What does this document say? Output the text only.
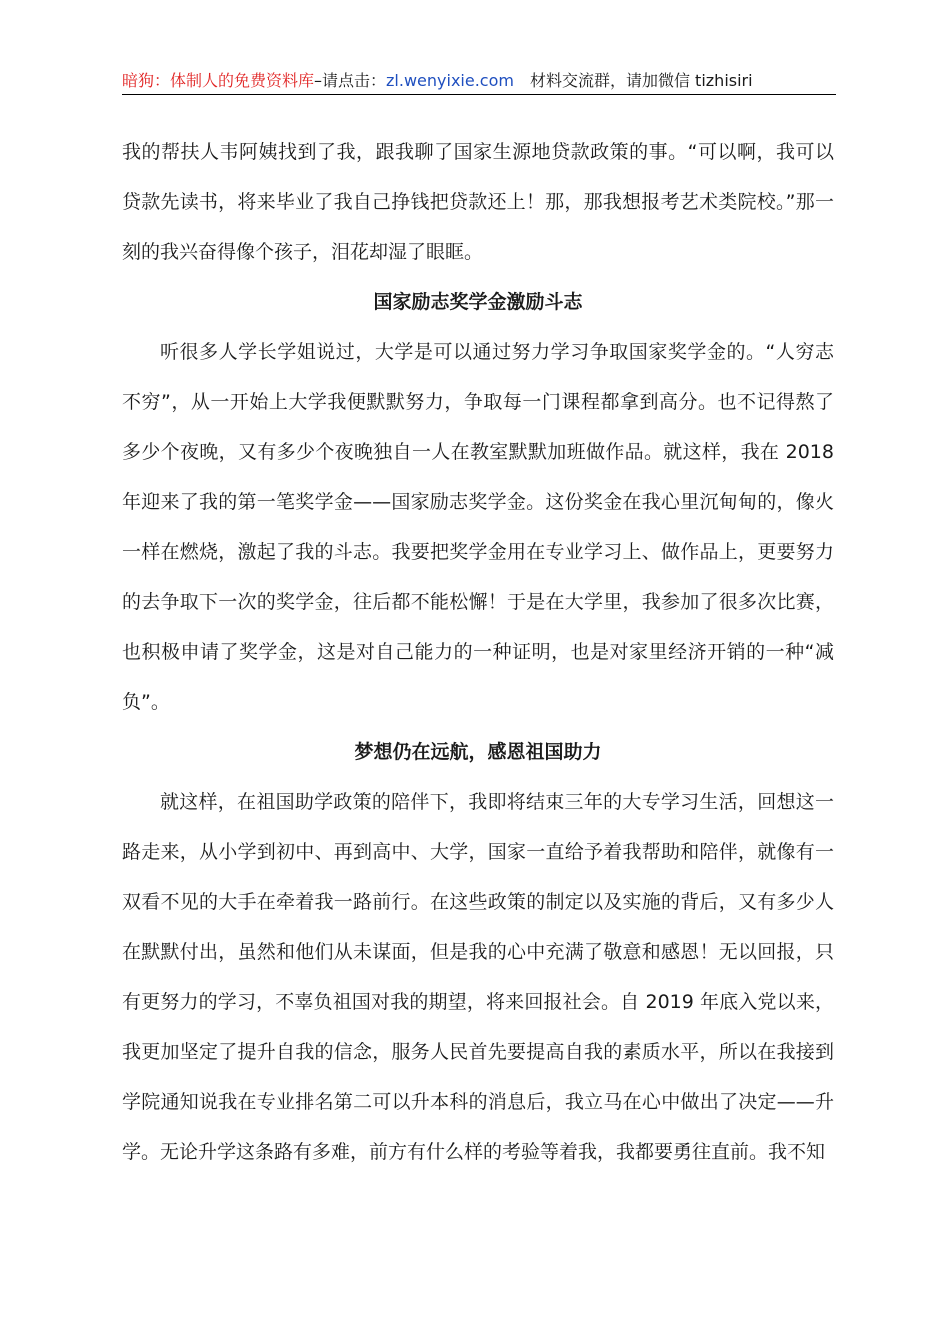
暗狗：体制人的免费资料库–请点击：zl.wenyixie.com 材料交流群，请加微信 tizhisiri

我的帮扶人韦阿姨找到了我，跟我聊了国家生源地贷款政策的事。“可以啊，我可以贷款先读书，将来毕业了我自己挣钱把贷款还上！那，那我想报考艺术类院校。”那一刻的我兴奋得像个孩子，泪花却湿了眼眶。

国家励志奖学金激励斗志

听很多人学长学姐说过，大学是可以通过努力学习争取国家奖学金的。“人穷志不穷”，从一开始上大学我便默默努力，争取每一门课程都拿到高分。也不记得熬了多少个夜晚，又有多少个夜晚独自一人在教室默默加班做作品。就这样，我在 2018 年迎来了我的第一笔奖学金——国家励志奖学金。这份奖金在我心里沉甸甸的，像火一样在燃烧，激起了我的斗志。我要把奖学金用在专业学习上、做作品上，更要努力的去争取下一次的奖学金，往后都不能松懈！于是在大学里，我参加了很多次比赛，也积极申请了奖学金，这是对自己能力的一种证明，也是对家里经济开销的一种“减负”。

梦想仍在远航，感恩祖国助力

就这样，在祖国助学政策的陪伴下，我即将结束三年的大专学习生活，回想这一路走来，从小学到初中、再到高中、大学，国家一直给予着我帮助和陪伴，就像有一双看不见的大手在牵着我一路前行。在这些政策的制定以及实施的背后，又有多少人在默默付出，虽然和他们从未谋面，但是我的心中充满了敬意和感恩！无以回报，只有更努力的学习，不辜负祖国对我的期望，将来回报社会。自 2019 年底入党以来，我更加坚定了提升自我的信念，服务人民首先要提高自我的素质水平，所以在我接到学院通知说我在专业排名第二可以升本科的消息后，我立马在心中做出了决定——升学。无论升学这条路有多难，前方有什么样的考验等着我，我都要勇往直前。我不知
